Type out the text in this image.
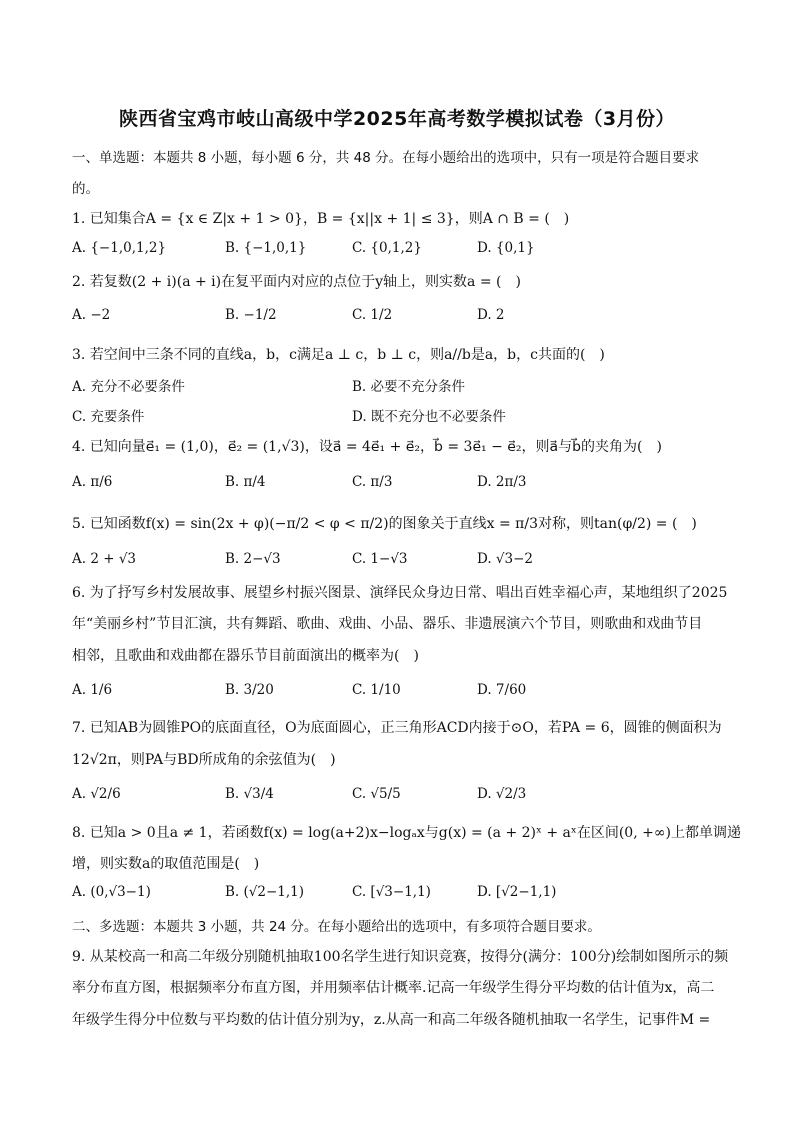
陕西省宝鸡市岐山高级中学2025年高考数学模拟试卷（3月份）
一、单选题：本题共 8 小题，每小题 6 分，共 48 分。在每小题给出的选项中，只有一项是符合题目要求
的。
1. 已知集合A = {x ∈ Z|x + 1 > 0}，B = {x||x + 1| ≤ 3}，则A ∩ B = (　)
A. {−1,0,1,2}	B. {−1,0,1}	C. {0,1,2}	D. {0,1}
2. 若复数(2 + i)(a + i)在复平面内对应的点位于y轴上，则实数a = (　)
A. −2	B. −1/2	C. 1/2	D. 2
3. 若空间中三条不同的直线a，b，c满足a ⊥ c，b ⊥ c，则a//b是a，b，c共面的(　)
A. 充分不必要条件	B. 必要不充分条件
C. 充要条件	D. 既不充分也不必要条件
4. 已知向量e⃗₁ = (1,0)，e⃗₂ = (1,√3)，设a⃗ = 4e⃗₁ + e⃗₂，b⃗ = 3e⃗₁ − e⃗₂，则a⃗与b⃗的夹角为(　)
A. π/6	B. π/4	C. π/3	D. 2π/3
5. 已知函数f(x) = sin(2x + φ)(−π/2 < φ < π/2)的图象关于直线x = π/3对称，则tan(φ/2) = (　)
A. 2 + √3	B. 2−√3	C. 1−√3	D. √3−2
6. 为了抒写乡村发展故事、展望乡村振兴图景、演绎民众身边日常、唱出百姓幸福心声，某地组织了2025
年“美丽乡村”节目汇演，共有舞蹈、歌曲、戏曲、小品、器乐、非遗展演六个节目，则歌曲和戏曲节目
相邻，且歌曲和戏曲都在器乐节目前面演出的概率为(　)
A. 1/6	B. 3/20	C. 1/10	D. 7/60
7. 已知AB为圆锥PO的底面直径，O为底面圆心，正三角形ACD内接于⊙O，若PA = 6，圆锥的侧面积为
12√2π，则PA与BD所成角的余弦值为(　)
A. √2/6	B. √3/4	C. √5/5	D. √2/3
8. 已知a > 0且a ≠ 1，若函数f(x) = log(a+2)x−logₐx与g(x) = (a + 2)ˣ + aˣ在区间(0, +∞)上都单调递
增，则实数a的取值范围是(　)
A. (0,√3−1)	B. (√2−1,1)	C. [√3−1,1)	D. [√2−1,1)
二、多选题：本题共 3 小题，共 24 分。在每小题给出的选项中，有多项符合题目要求。
9. 从某校高一和高二年级分别随机抽取100名学生进行知识竞赛，按得分(满分：100分)绘制如图所示的频
率分布直方图，根据频率分布直方图，并用频率估计概率.记高一年级学生得分平均数的估计值为x，高二
年级学生得分中位数与平均数的估计值分别为y，z.从高一和高二年级各随机抽取一名学生，记事件M =
